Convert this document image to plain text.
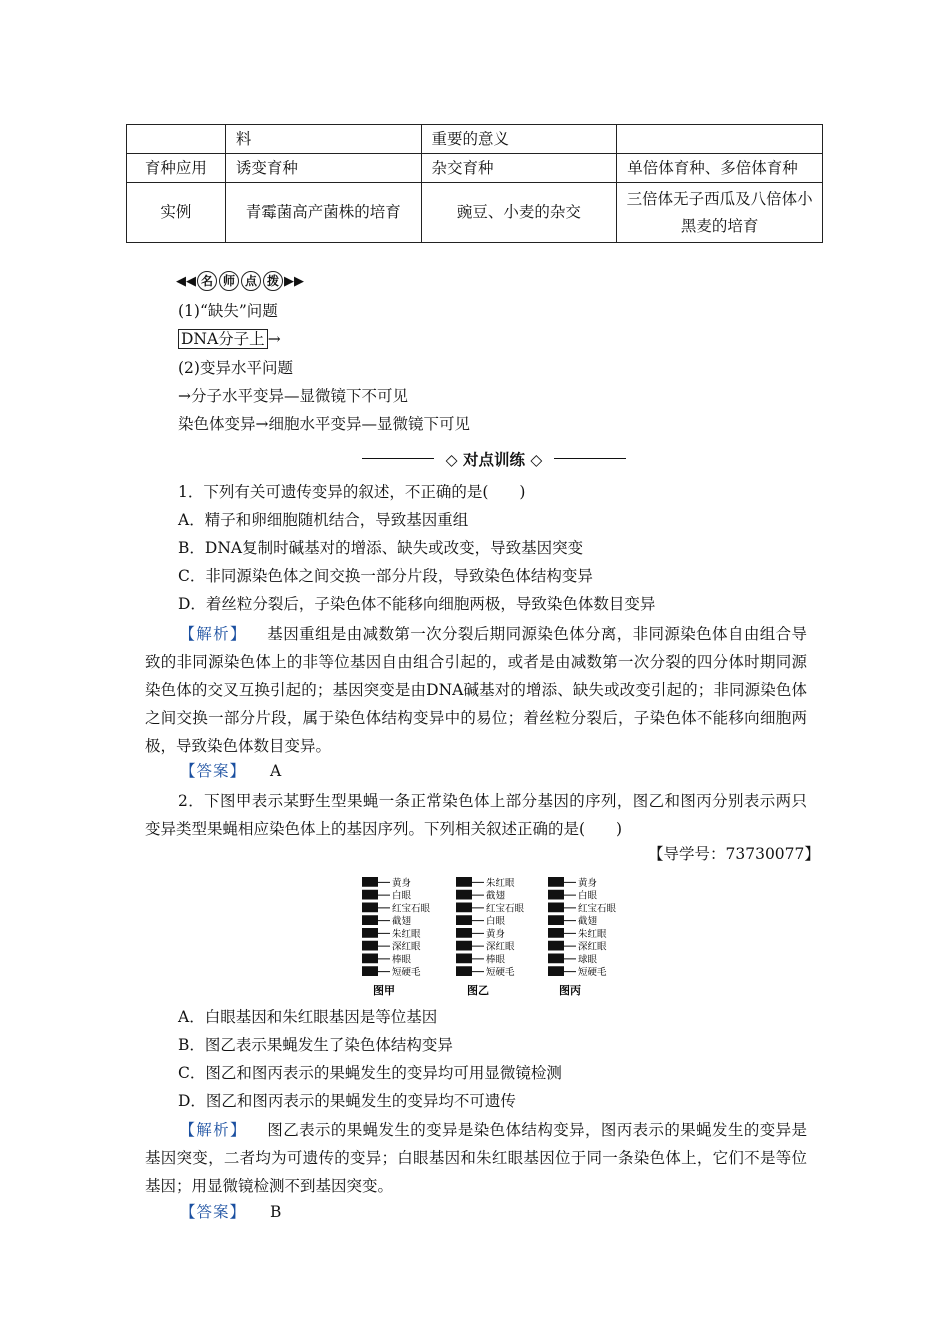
	料	重要的意义	
育种应用	诱变育种	杂交育种	单倍体育种、多倍体育种
实例	青霉菌高产菌株的培育	豌豆、小麦的杂交	三倍体无子西瓜及八倍体小黑麦的培育
◀◀ 名 师 点 拨 ▶▶
(1)“缺失”问题
DNA分子上 →
(2)变异水平问题
→分子水平变异—显微镜下不可见
染色体变异→细胞水平变异—显微镜下可见
◇ 对点训练 ◇
1．下列有关可遗传变异的叙述，不正确的是(　　)
A．精子和卵细胞随机结合，导致基因重组
B．DNA复制时碱基对的增添、缺失或改变，导致基因突变
C．非同源染色体之间交换一部分片段，导致染色体结构变异
D．着丝粒分裂后，子染色体不能移向细胞两极，导致染色体数目变异
【解析】 基因重组是由减数第一次分裂后期同源染色体分离，非同源染色体自由组合导致的非同源染色体上的非等位基因自由组合引起的，或者是由减数第一次分裂的四分体时期同源染色体的交叉互换引起的；基因突变是由DNA碱基对的增添、缺失或改变引起的；非同源染色体之间交换一部分片段，属于染色体结构变异中的易位；着丝粒分裂后，子染色体不能移向细胞两极，导致染色体数目变异。
【答案】 A
2．下图甲表示某野生型果蝇一条正常染色体上部分基因的序列，图乙和图丙分别表示两只变异类型果蝇相应染色体上的基因序列。下列相关叙述正确的是(　　)
【导学号：73730077】
黄身
白眼
红宝石眼
截翅
朱红眼
深红眼
棒眼
短硬毛
图甲
朱红眼
截翅
红宝石眼
白眼
黄身
深红眼
棒眼
短硬毛
图乙
黄身
白眼
红宝石眼
截翅
朱红眼
深红眼
球眼
短硬毛
图丙
A．白眼基因和朱红眼基因是等位基因
B．图乙表示果蝇发生了染色体结构变异
C．图乙和图丙表示的果蝇发生的变异均可用显微镜检测
D．图乙和图丙表示的果蝇发生的变异均不可遗传
【解析】 图乙表示的果蝇发生的变异是染色体结构变异，图丙表示的果蝇发生的变异是基因突变，二者均为可遗传的变异；白眼基因和朱红眼基因位于同一条染色体上，它们不是等位基因；用显微镜检测不到基因突变。
【答案】 B
